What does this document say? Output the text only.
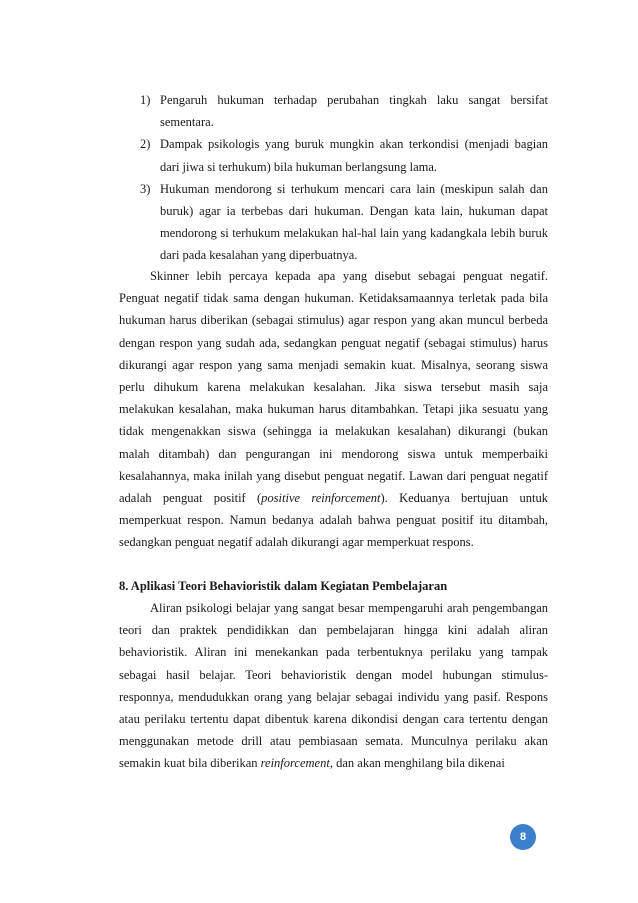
1) Pengaruh hukuman terhadap perubahan tingkah laku sangat bersifat sementara.
2) Dampak psikologis yang buruk mungkin akan terkondisi (menjadi bagian dari jiwa si terhukum) bila hukuman berlangsung lama.
3) Hukuman mendorong si terhukum mencari cara lain (meskipun salah dan buruk) agar ia terbebas dari hukuman. Dengan kata lain, hukuman dapat mendorong si terhukum melakukan hal-hal lain yang kadangkala lebih buruk dari pada kesalahan yang diperbuatnya.

Skinner lebih percaya kepada apa yang disebut sebagai penguat negatif. Penguat negatif tidak sama dengan hukuman. Ketidaksamaannya terletak pada bila hukuman harus diberikan (sebagai stimulus) agar respon yang akan muncul berbeda dengan respon yang sudah ada, sedangkan penguat negatif (sebagai stimulus) harus dikurangi agar respon yang sama menjadi semakin kuat. Misalnya, seorang siswa perlu dihukum karena melakukan kesalahan. Jika siswa tersebut masih saja melakukan kesalahan, maka hukuman harus ditambahkan. Tetapi jika sesuatu yang tidak mengenakkan siswa (sehingga ia melakukan kesalahan) dikurangi (bukan malah ditambah) dan pengurangan ini mendorong siswa untuk memperbaiki kesalahannya, maka inilah yang disebut penguat negatif. Lawan dari penguat negatif adalah penguat positif (positive reinforcement). Keduanya bertujuan untuk memperkuat respon. Namun bedanya adalah bahwa penguat positif itu ditambah, sedangkan penguat negatif adalah dikurangi agar memperkuat respons.

8. Aplikasi Teori Behavioristik dalam Kegiatan Pembelajaran

Aliran psikologi belajar yang sangat besar mempengaruhi arah pengembangan teori dan praktek pendidikkan dan pembelajaran hingga kini adalah aliran behavioristik. Aliran ini menekankan pada terbentuknya perilaku yang tampak sebagai hasil belajar. Teori behavioristik dengan model hubungan stimulus-responnya, mendudukkan orang yang belajar sebagai individu yang pasif. Respons atau perilaku tertentu dapat dibentuk karena dikondisi dengan cara tertentu dengan menggunakan metode drill atau pembiasaan semata. Munculnya perilaku akan semakin kuat bila diberikan reinforcement, dan akan menghilang bila dikenai

8
